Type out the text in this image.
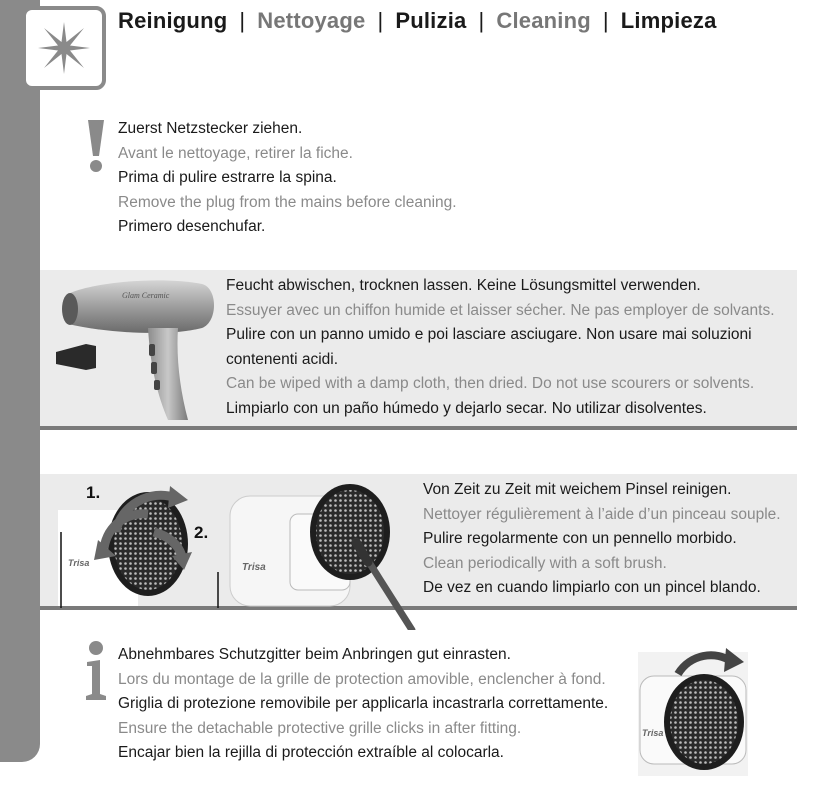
Reinigung | Nettoyage | Pulizia | Cleaning | Limpieza
Zuerst Netzstecker ziehen.
Avant le nettoyage, retirer la fiche.
Prima di pulire estrarre la spina.
Remove the plug from the mains before cleaning.
Primero desenchufar.
Glam Ceramic
Feucht abwischen, trocknen lassen. Keine Lösungsmittel verwenden.
Essuyer avec un chiffon humide et laisser sécher. Ne pas employer de solvants.
Pulire con un panno umido e poi lasciare asciugare. Non usare mai soluzioni
contenenti acidi.
Can be wiped with a damp cloth, then dried. Do not use scourers or solvents.
Limpiarlo con un paño húmedo y dejarlo secar. No utilizar disolventes.
1.
2.
Trisa	Trisa
Von Zeit zu Zeit mit weichem Pinsel reinigen.
Nettoyer régulièrement à l’aide d’un pinceau souple.
Pulire regolarmente con un pennello morbido.
Clean periodically with a soft brush.
De vez en cuando limpiarlo con un pincel blando.
Abnehmbares Schutzgitter beim Anbringen gut einrasten.
Lors du montage de la grille de protection amovible, enclencher à fond.
Griglia di protezione removibile per applicarla incastrarla correttamente.
Ensure the detachable protective grille clicks in after fitting.
Encajar bien la rejilla di protección extraíble al colocarla.
Trisa
